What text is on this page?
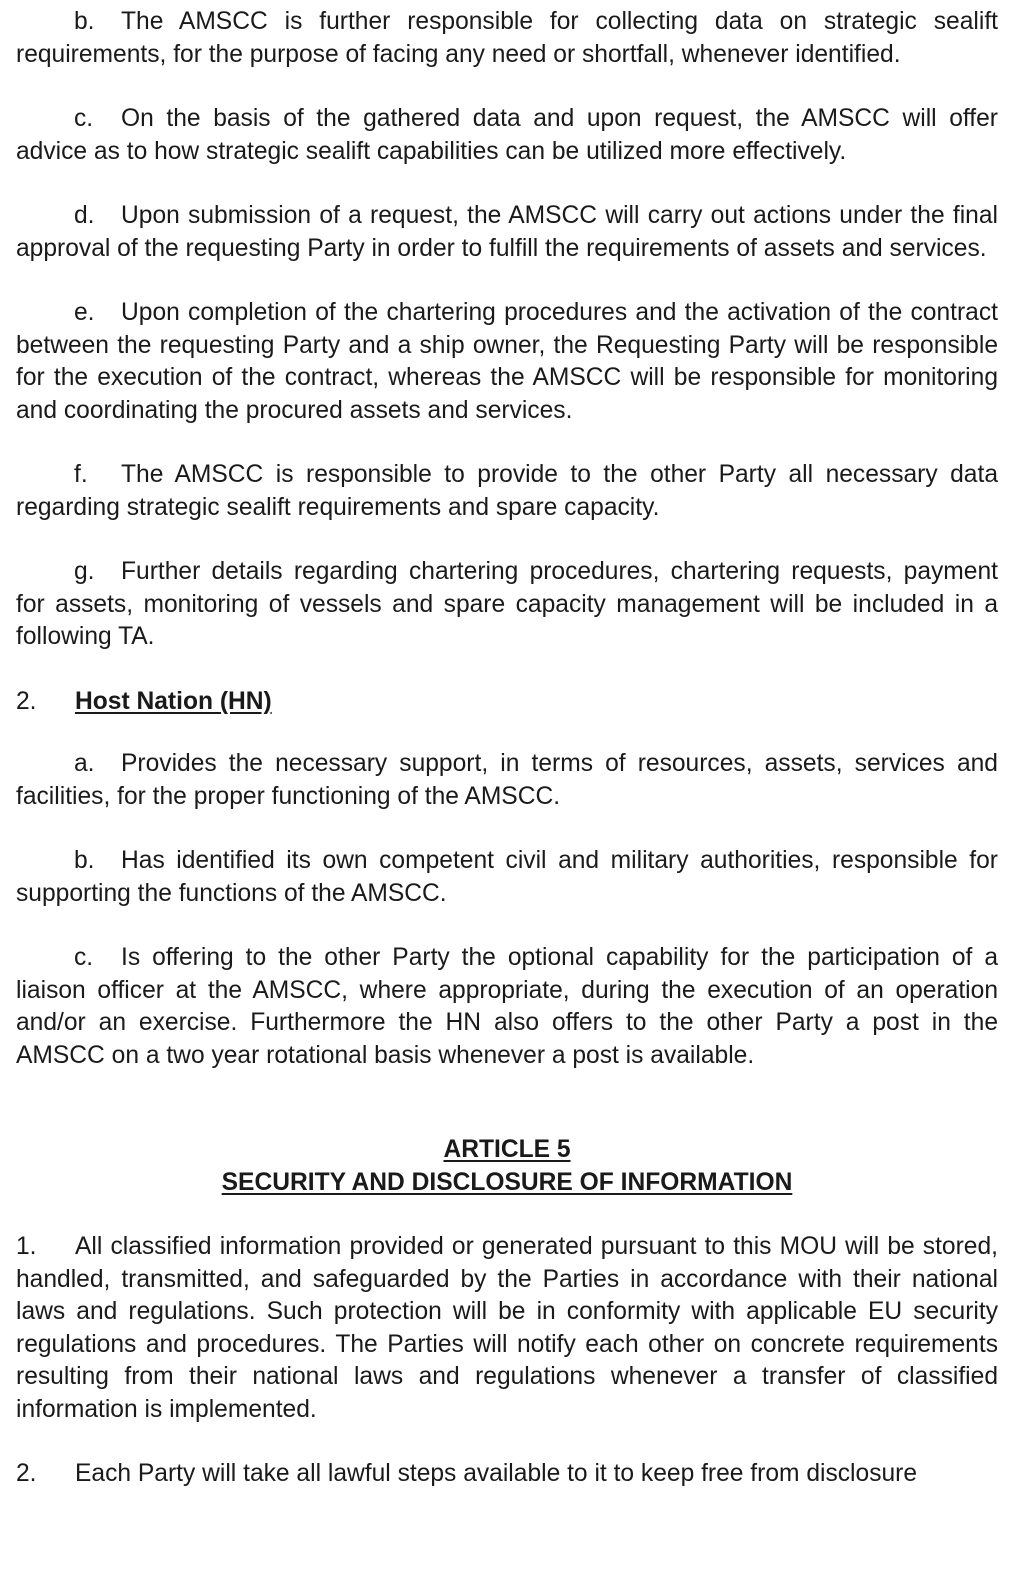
b. The AMSCC is further responsible for collecting data on strategic sealift requirements, for the purpose of facing any need or shortfall, whenever identified.

c. On the basis of the gathered data and upon request, the AMSCC will offer advice as to how strategic sealift capabilities can be utilized more effectively.

d. Upon submission of a request, the AMSCC will carry out actions under the final approval of the requesting Party in order to fulfill the requirements of assets and services.

e. Upon completion of the chartering procedures and the activation of the contract between the requesting Party and a ship owner, the Requesting Party will be responsible for the execution of the contract, whereas the AMSCC will be responsible for monitoring and coordinating the procured assets and services.

f. The AMSCC is responsible to provide to the other Party all necessary data regarding strategic sealift requirements and spare capacity.

g. Further details regarding chartering procedures, chartering requests, payment for assets, monitoring of vessels and spare capacity management will be included in a following TA.

2. Host Nation (HN)

a. Provides the necessary support, in terms of resources, assets, services and facilities, for the proper functioning of the AMSCC.

b. Has identified its own competent civil and military authorities, responsible for supporting the functions of the AMSCC.

c. Is offering to the other Party the optional capability for the participation of a liaison officer at the AMSCC, where appropriate, during the execution of an operation and/or an exercise. Furthermore the HN also offers to the other Party a post in the AMSCC on a two year rotational basis whenever a post is available.

ARTICLE 5

SECURITY AND DISCLOSURE OF INFORMATION

1. All classified information provided or generated pursuant to this MOU will be stored, handled, transmitted, and safeguarded by the Parties in accordance with their national laws and regulations. Such protection will be in conformity with applicable EU security regulations and procedures. The Parties will notify each other on concrete requirements resulting from their national laws and regulations whenever a transfer of classified information is implemented.

2. Each Party will take all lawful steps available to it to keep free from disclosure
